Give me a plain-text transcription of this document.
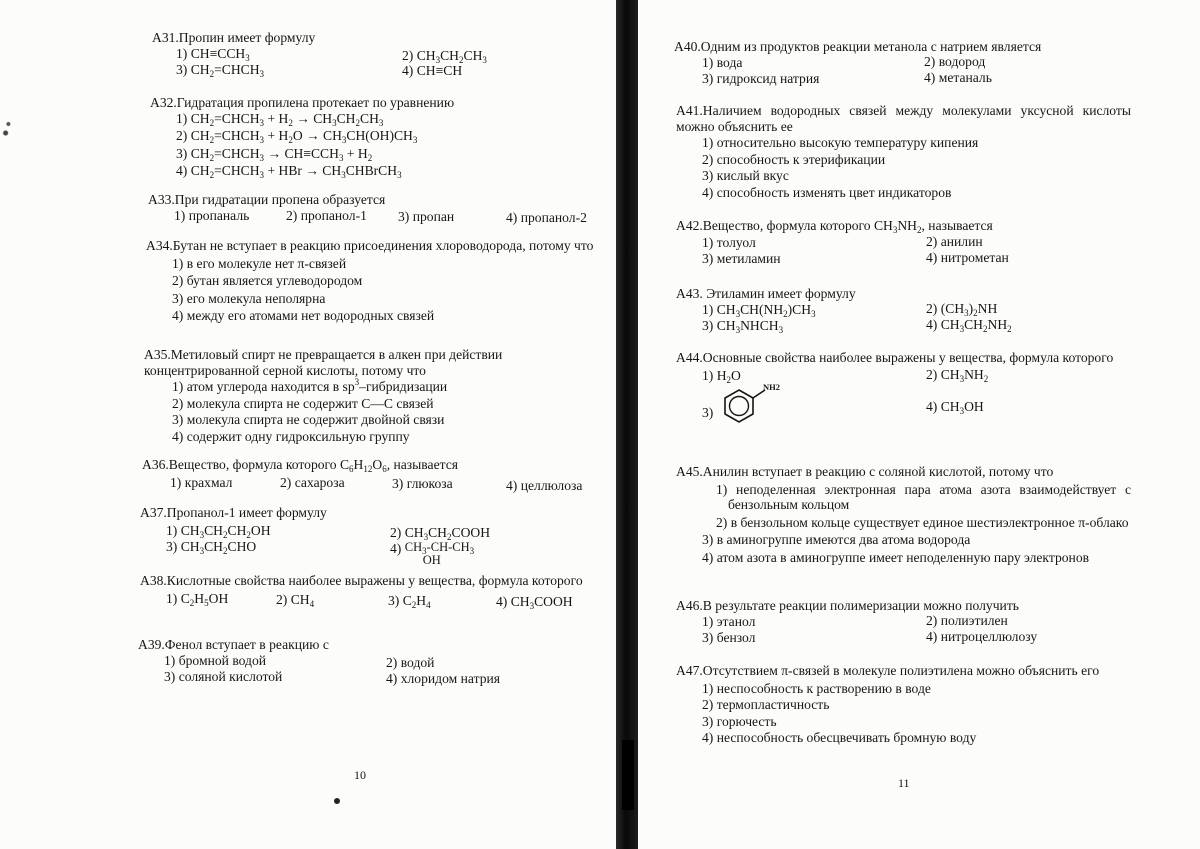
А31.Пропин имеет формулу
1) $CH\equiv CCH_3$	2) $CH_3CH_2CH_3$
3) $CH_2=CHCH_3$	4) CH≡CH
А32.Гидратация пропилена протекает по уравнению
1) $CH_2=CHCH_3 + H_2 \to CH_3CH_2CH_3$
2) $CH_2=CHCH_3 + H_2O \to CH_3CH(OH)CH_3$
3) $CH_2=CHCH_3 \to CH\equiv CCH_3 + H_2$
4) $CH_2=CHCH_3$ + HBr → $CH_3CHBrCH_3$
А33.При гидратации пропена образуется
1) пропаналь	2) пропанол-1 3) пропан	4) пропанол-2
А34.Бутан не вступает в реакцию присоединения хлороводорода, потому что
1) в его молекуле нет π-связей
2) бутан является углеводородом
3) его молекула неполярна
4) между его атомами нет водородных связей
А35.Метиловый спирт не превращается в алкен при действии концентрированной серной кислоты, потому что
1) атом углерода находится в $sp^3$–гибридизации
2) молекула спирта не содержит С—С связей
3) молекула спирта не содержит двойной связи
4) содержит одну гидроксильную группу
А36.Вещество, формула которого $C_6H_{12}O_6$, называется
1) крахмал	2) сахароза	3) глюкоза	4) целлюлоза
А37.Пропанол-1 имеет формулу
1) $CH_3CH_2CH_2OH$	2) $CH_3CH_2COOH$
3) $CH_3CH_2CHO$	4) $CH_3-CH-CH_3$
OH
А38.Кислотные свойства наиболее выражены у вещества, формула которого
1) $C_2H_5OH$	2) $CH_4$	3) $C_2H_4$	4) $CH_3COOH$
А39.Фенол вступает в реакцию с
1) бромной водой	2) водой
3) соляной кислотой	4) хлоридом натрия
10
А40.Одним из продуктов реакции метанола с натрием является
1) вода	2) водород
3) гидроксид натрия	4) метаналь
А41.Наличием водородных связей между молекулами уксусной кислоты можно объяснить ее
1) относительно высокую температуру кипения
2) способность к этерификации
3) кислый вкус
4) способность изменять цвет индикаторов
А42.Вещество, формула которого $CH_3NH_2$, называется
1) толуол	2) анилин
3) метиламин	4) нитрометан
А43. Этиламин имеет формулу
1) $CH_3CH(NH_2)CH_3$	2) $(CH_3)_2NH$
3) $CH_3NHCH_3$	4) $CH_3CH_2NH_2$
А44.Основные свойства наиболее выражены у вещества, формула которого
1) $H_2O$	2) $CH_3NH_2$
3)
NH2
4) $CH_3OH$
А45.Анилин вступает в реакцию с соляной кислотой, потому что
1) неподеленная электронная пара атома азота взаимодействует с бензольным кольцом
2) в бензольном кольце существует единое шестиэлектронное π-облако
3) в аминогруппе имеются два атома водорода
4) атом азота в аминогруппе имеет неподеленную пару электронов
А46.В результате реакции полимеризации можно получить
1) этанол	2) полиэтилен
3) бензол	4) нитроцеллюлозу
А47.Отсутствием π-связей в молекуле полиэтилена можно объяснить его
1) неспособность к растворению в воде
2) термопластичность
3) горючесть
4) неспособность обесцвечивать бромную воду
11
